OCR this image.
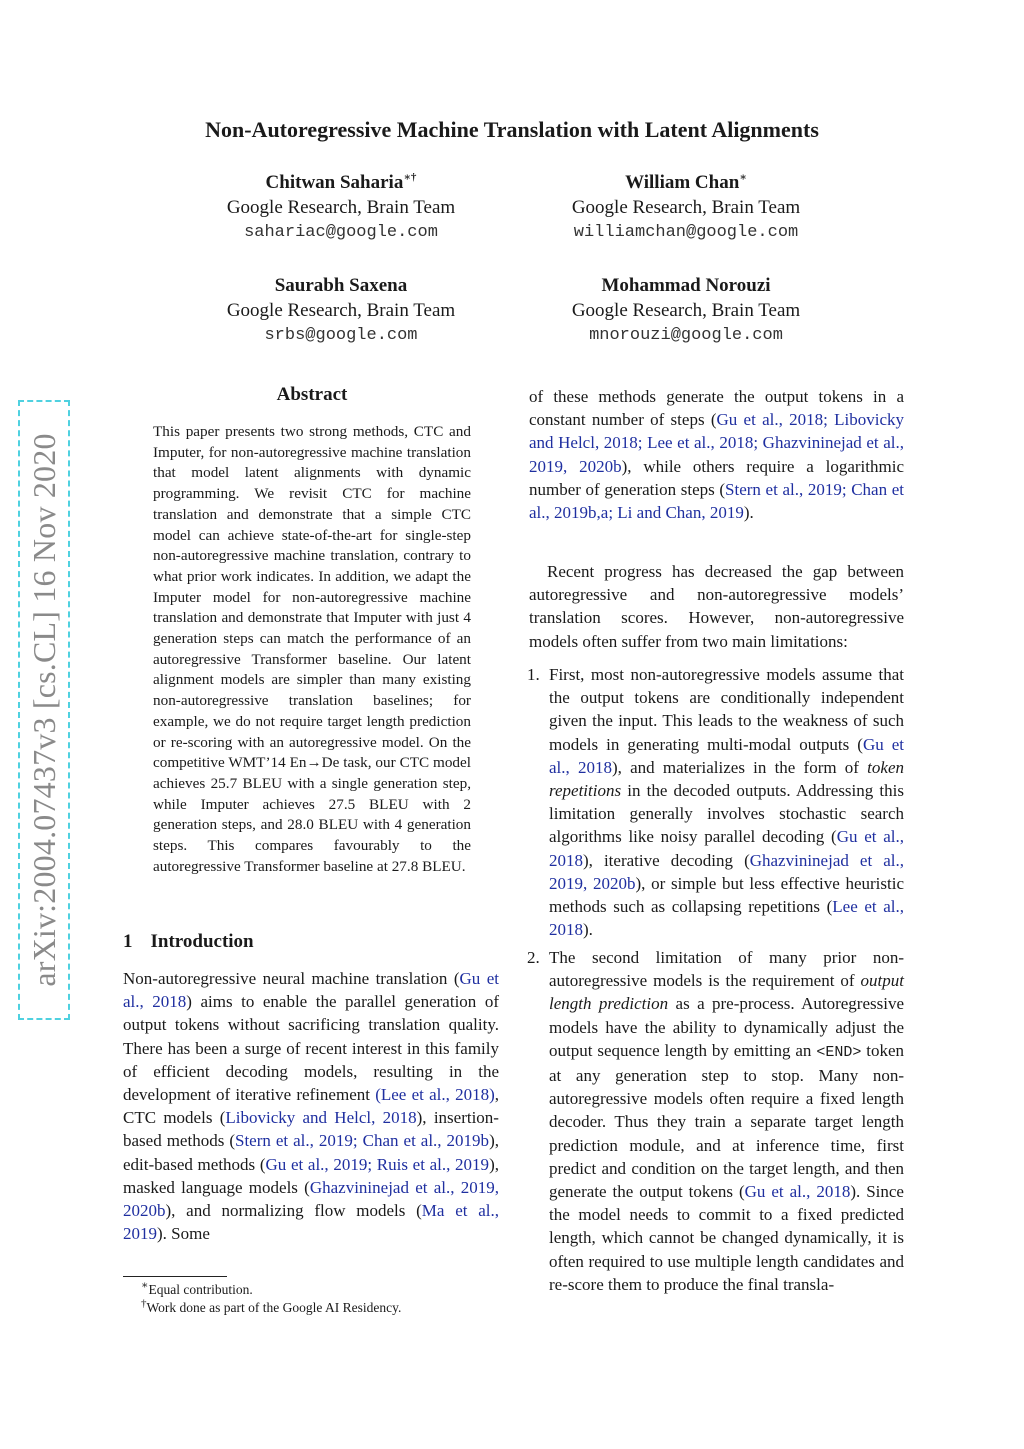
Non-Autoregressive Machine Translation with Latent Alignments
Chitwan Saharia∗†
Google Research, Brain Team
sahariac@google.com
William Chan∗
Google Research, Brain Team
williamchan@google.com
Saurabh Saxena
Google Research, Brain Team
srbs@google.com
Mohammad Norouzi
Google Research, Brain Team
mnorouzi@google.com
arXiv:2004.07437v3 [cs.CL] 16 Nov 2020
Abstract
This paper presents two strong methods, CTC and Imputer, for non-autoregressive machine translation that model latent alignments with dynamic programming. We revisit CTC for machine translation and demonstrate that a simple CTC model can achieve state-of-the-art for single-step non-autoregressive machine translation, contrary to what prior work indicates. In addition, we adapt the Imputer model for non-autoregressive machine translation and demonstrate that Imputer with just 4 generation steps can match the performance of an autoregressive Transformer baseline. Our latent alignment models are simpler than many existing non-autoregressive translation baselines; for example, we do not require target length prediction or re-scoring with an autoregressive model. On the competitive WMT’14 En→De task, our CTC model achieves 25.7 BLEU with a single generation step, while Imputer achieves 27.5 BLEU with 2 generation steps, and 28.0 BLEU with 4 generation steps. This compares favourably to the autoregressive Transformer baseline at 27.8 BLEU.
1 Introduction

Non-autoregressive neural machine translation (Gu et al., 2018) aims to enable the parallel generation of output tokens without sacrificing translation quality. There has been a surge of recent interest in this family of efficient decoding models, resulting in the development of iterative refinement (Lee et al., 2018), CTC models (Libovicky and Helcl, 2018), insertion-based methods (Stern et al., 2019; Chan et al., 2019b), edit-based methods (Gu et al., 2019; Ruis et al., 2019), masked language models (Ghazvininejad et al., 2019, 2020b), and normalizing flow models (Ma et al., 2019). Some

∗Equal contribution.
†Work done as part of the Google AI Residency.

of these methods generate the output tokens in a constant number of steps (Gu et al., 2018; Libovicky and Helcl, 2018; Lee et al., 2018; Ghazvininejad et al., 2019, 2020b), while others require a logarithmic number of generation steps (Stern et al., 2019; Chan et al., 2019b,a; Li and Chan, 2019).

Recent progress has decreased the gap between autoregressive and non-autoregressive models’ translation scores. However, non-autoregressive models often suffer from two main limitations:

1. First, most non-autoregressive models assume that the output tokens are conditionally independent given the input. This leads to the weakness of such models in generating multi-modal outputs (Gu et al., 2018), and materializes in the form of token repetitions in the decoded outputs. Addressing this limitation generally involves stochastic search algorithms like noisy parallel decoding (Gu et al., 2018), iterative decoding (Ghazvininejad et al., 2019, 2020b), or simple but less effective heuristic methods such as collapsing repetitions (Lee et al., 2018).
2. The second limitation of many prior non-autoregressive models is the requirement of output length prediction as a pre-process. Autoregressive models have the ability to dynamically adjust the output sequence length by emitting an <END> token at any generation step to stop. Many non-autoregressive models often require a fixed length decoder. Thus they train a separate target length prediction module, and at inference time, first predict and condition on the target length, and then generate the output tokens (Gu et al., 2018). Since the model needs to commit to a fixed predicted length, which cannot be changed dynamically, it is often required to use multiple length candidates and re-score them to produce the final transla-
